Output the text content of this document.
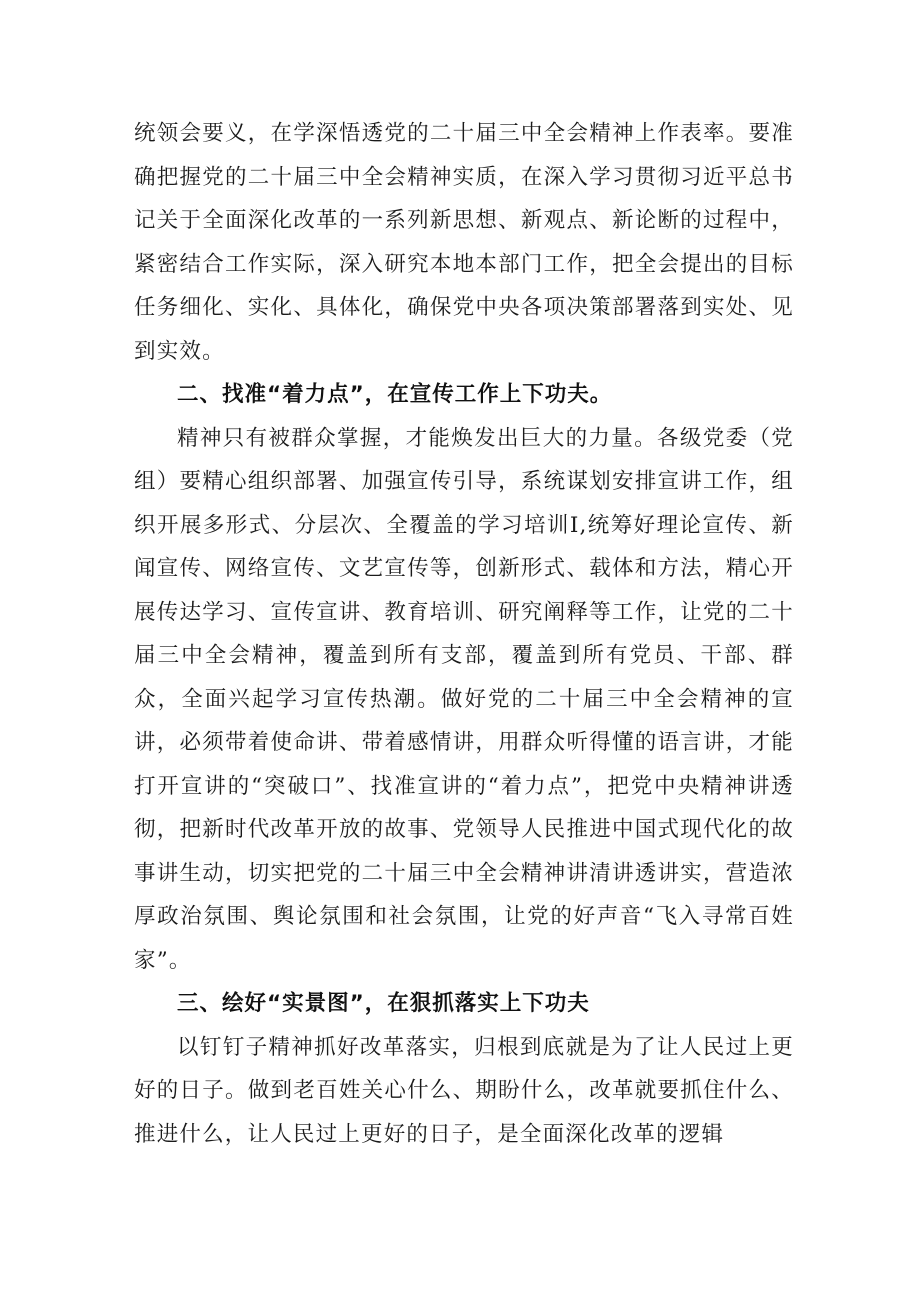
统领会要义，在学深悟透党的二十届三中全会精神上作表率。要准确把握党的二十届三中全会精神实质，在深入学习贯彻习近平总书记关于全面深化改革的一系列新思想、新观点、新论断的过程中，紧密结合工作实际，深入研究本地本部门工作，把全会提出的目标任务细化、实化、具体化，确保党中央各项决策部署落到实处、见到实效。

二、找准“着力点”，在宣传工作上下功夫。

精神只有被群众掌握，才能焕发出巨大的力量。各级党委（党组）要精心组织部署、加强宣传引导，系统谋划安排宣讲工作，组织开展多形式、分层次、全覆盖的学习培训I,统筹好理论宣传、新闻宣传、网络宣传、文艺宣传等，创新形式、载体和方法，精心开展传达学习、宣传宣讲、教育培训、研究阐释等工作，让党的二十届三中全会精神，覆盖到所有支部，覆盖到所有党员、干部、群众，全面兴起学习宣传热潮。做好党的二十届三中全会精神的宣讲，必须带着使命讲、带着感情讲，用群众听得懂的语言讲，才能打开宣讲的“突破口”、找准宣讲的“着力点”，把党中央精神讲透彻，把新时代改革开放的故事、党领导人民推进中国式现代化的故事讲生动，切实把党的二十届三中全会精神讲清讲透讲实，营造浓厚政治氛围、舆论氛围和社会氛围，让党的好声音“飞入寻常百姓家”。

三、绘好“实景图”，在狠抓落实上下功夫

以钉钉子精神抓好改革落实，归根到底就是为了让人民过上更好的日子。做到老百姓关心什么、期盼什么，改革就要抓住什么、推进什么，让人民过上更好的日子，是全面深化改革的逻辑
